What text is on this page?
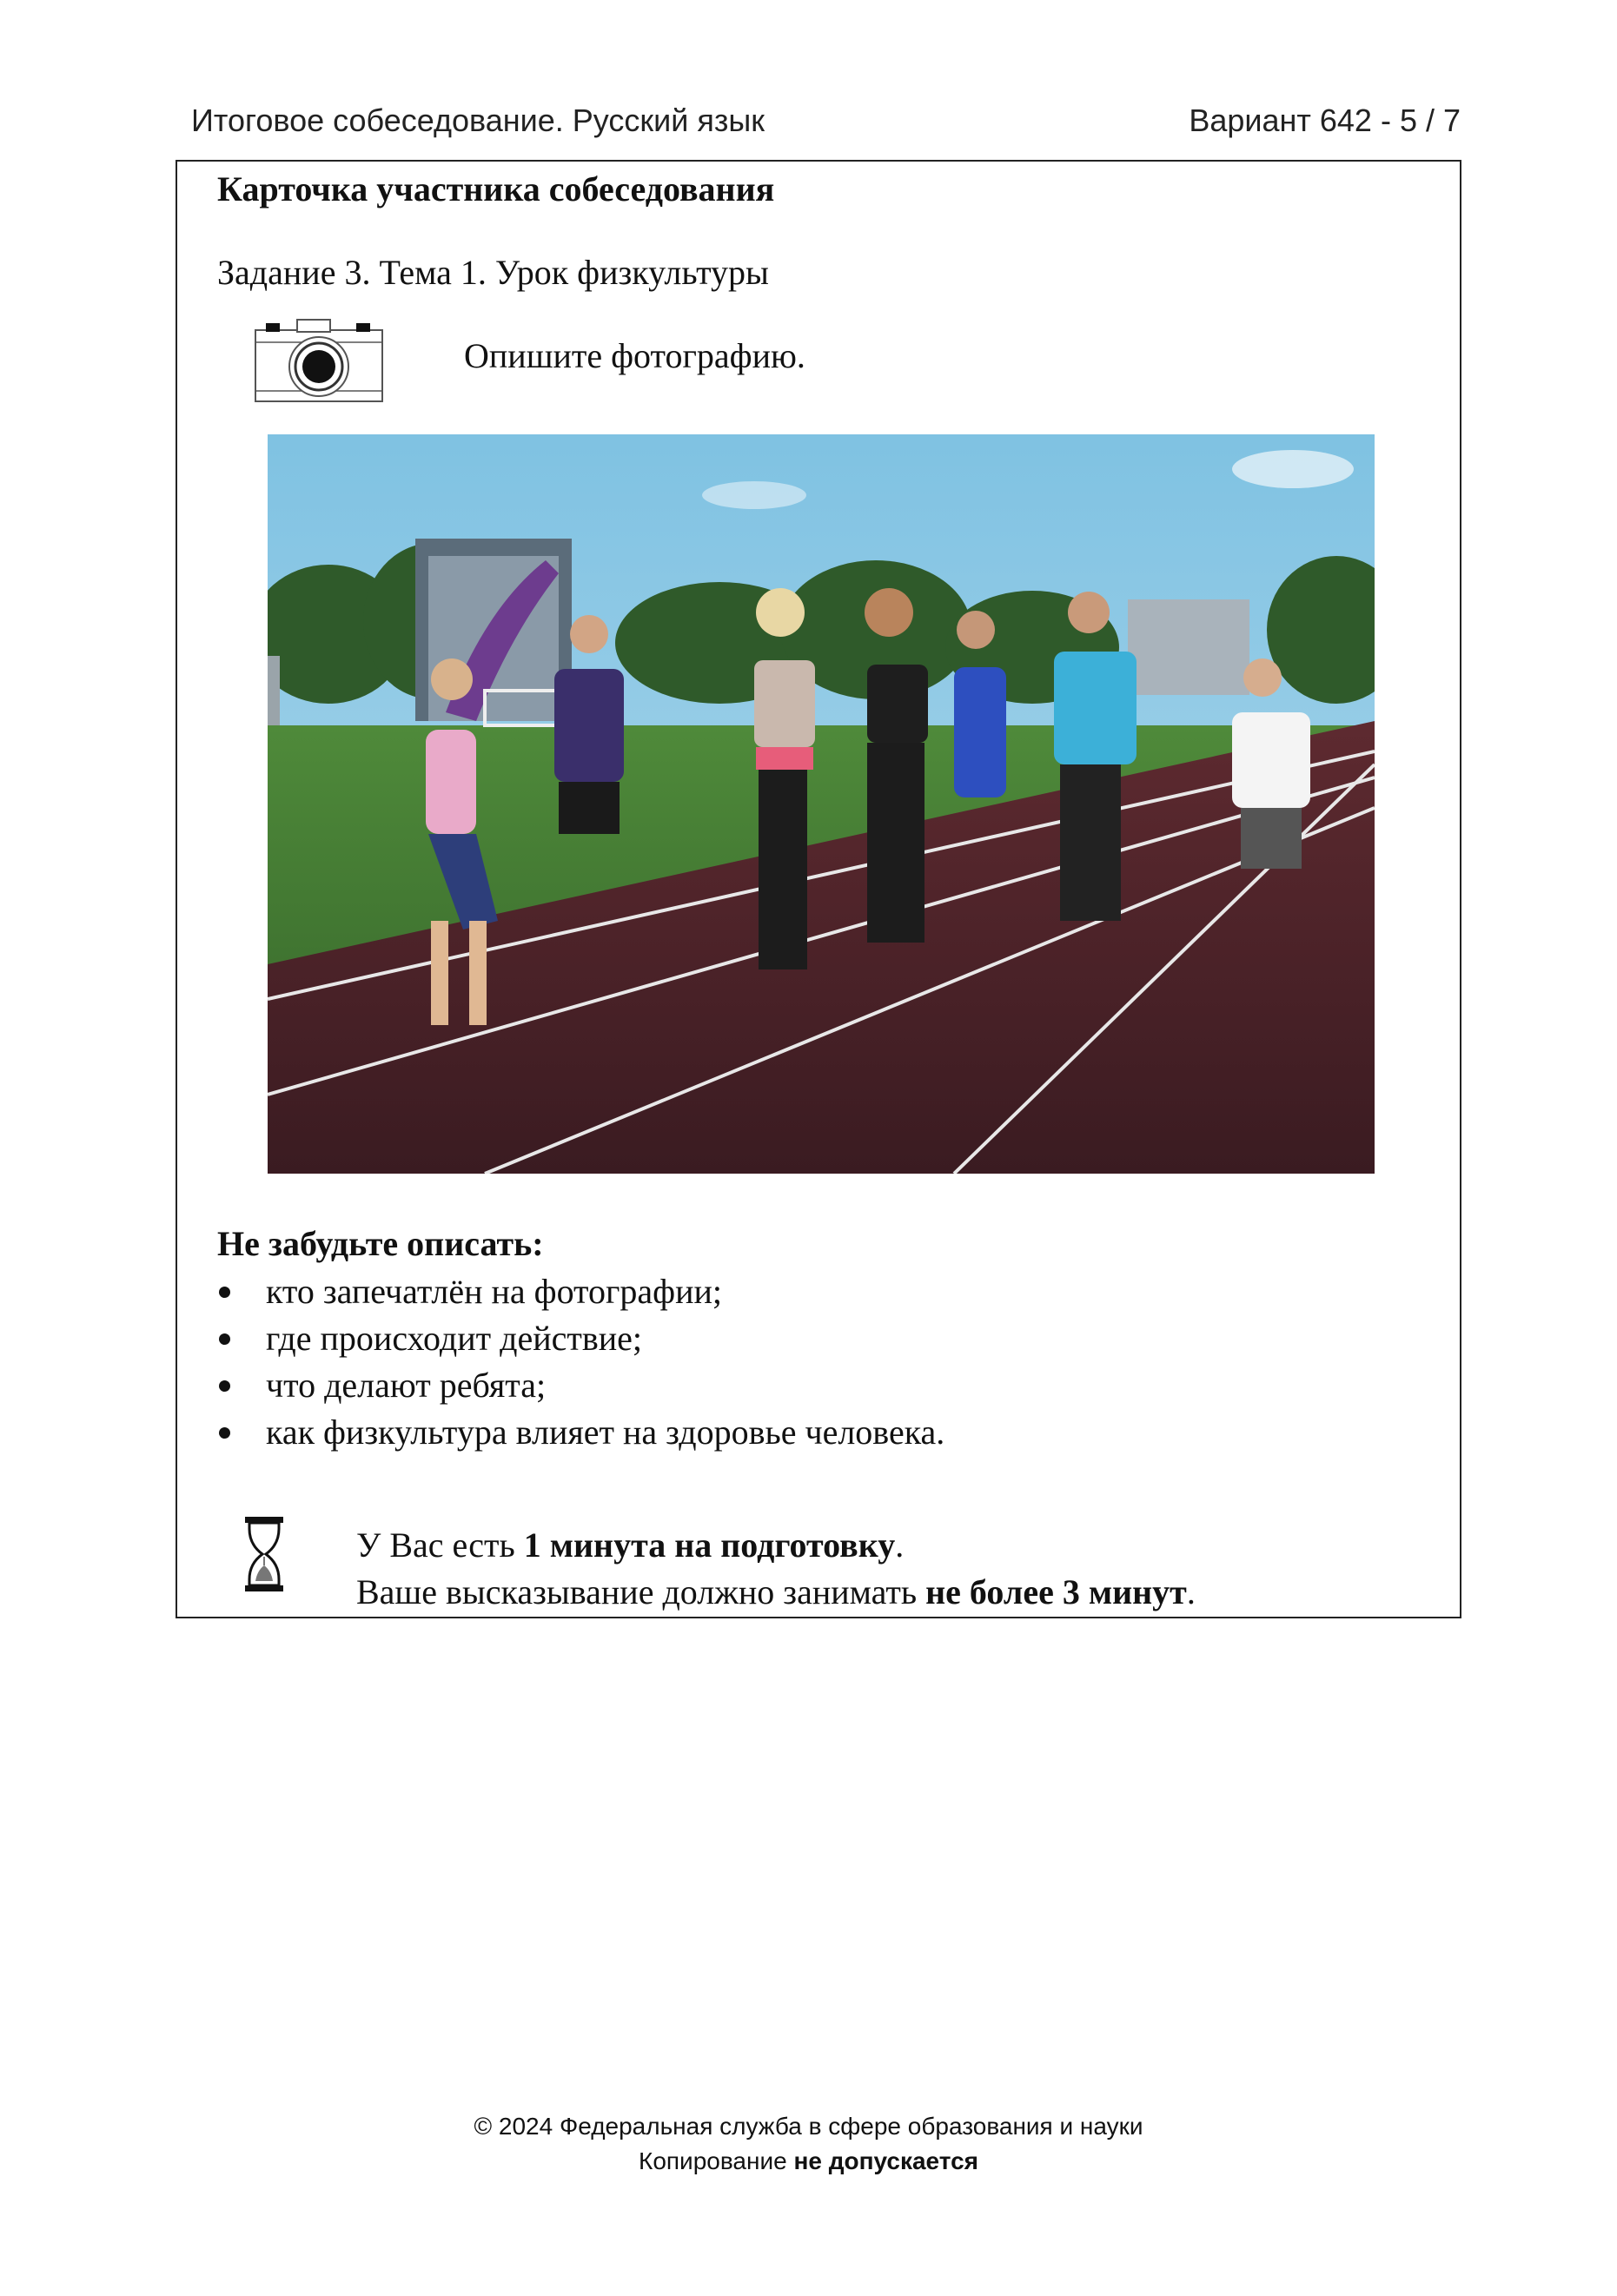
Итоговое собеседование. Русский язык	Вариант 642 - 5 / 7
Карточка участника собеседования
Задание 3. Тема 1. Урок физкультуры
Опишите фотографию.
Не забудьте описать:
кто запечатлён на фотографии;
где происходит действие;
что делают ребята;
как физкультура влияет на здоровье человека.
У Вас есть 1 минута на подготовку.
Ваше высказывание должно занимать не более 3 минут.
© 2024 Федеральная служба в сфере образования и науки
Копирование не допускается
